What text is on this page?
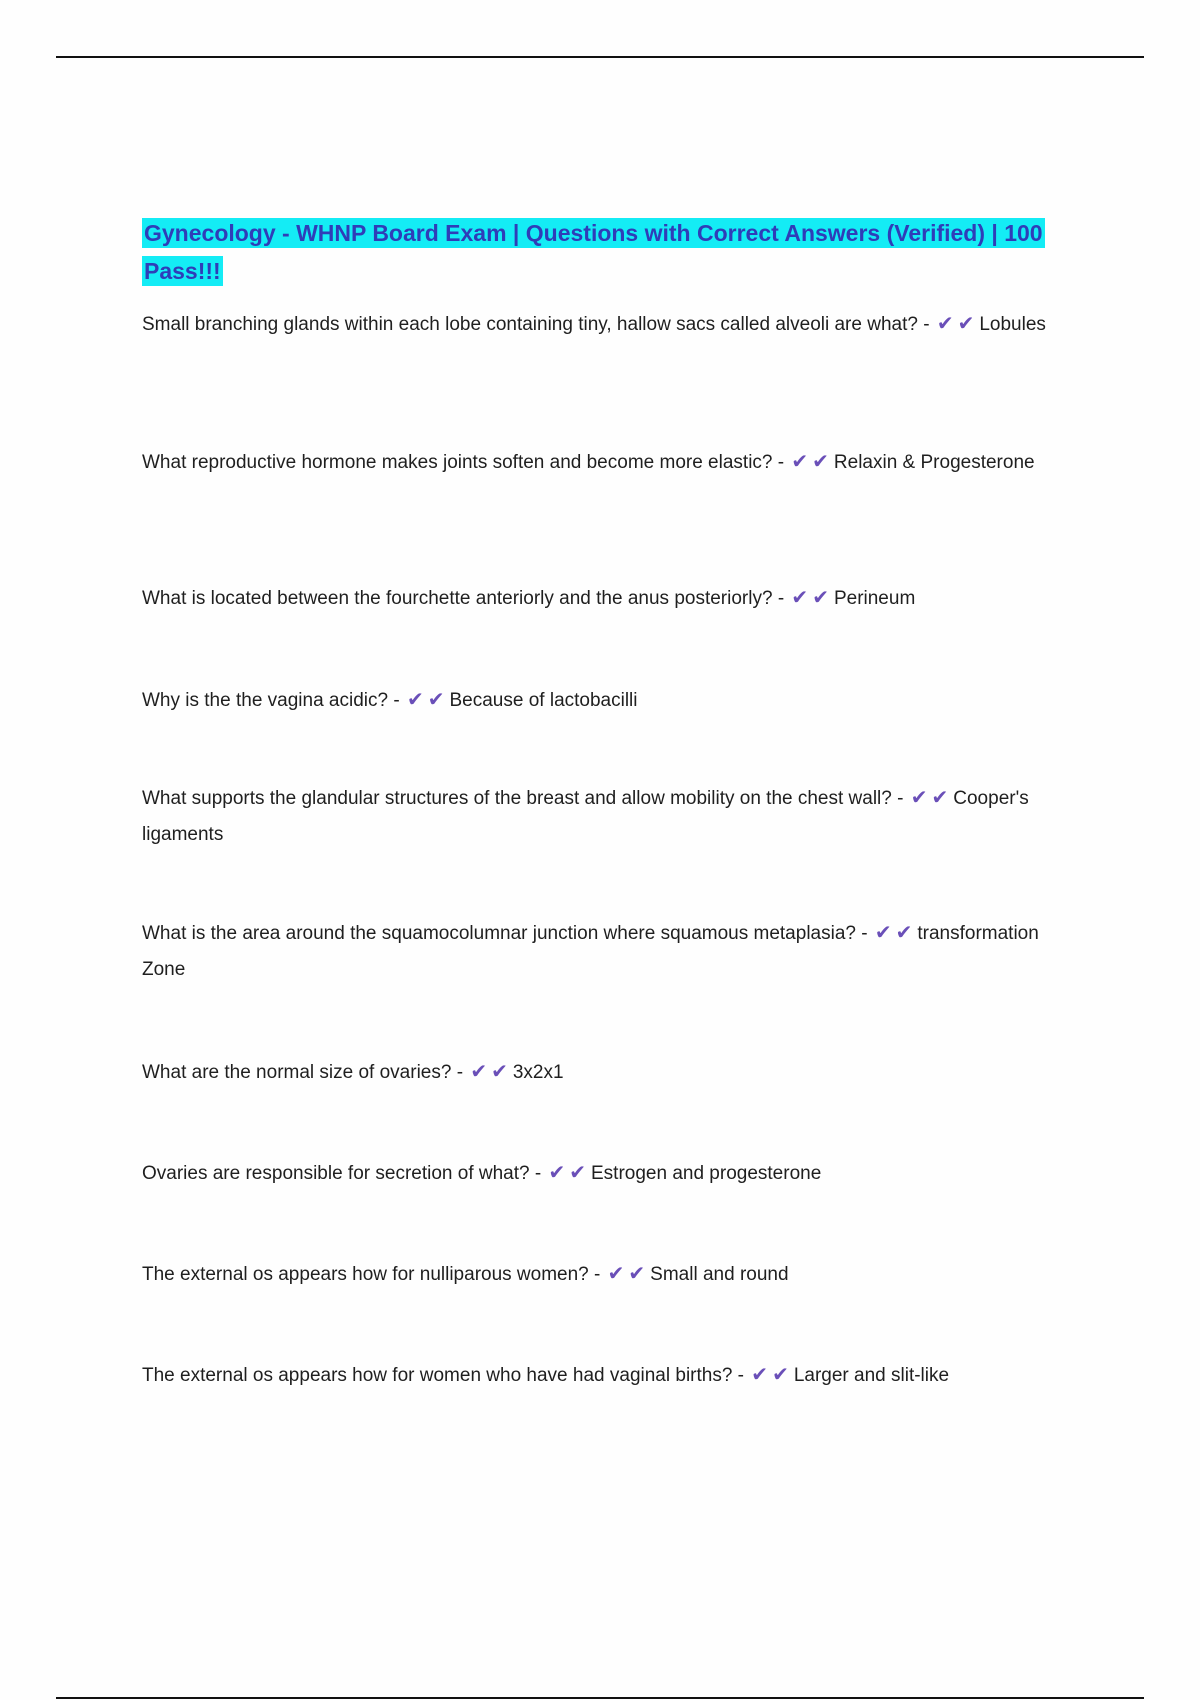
Gynecology - WHNP Board Exam | Questions with Correct Answers (Verified) | 100 Pass!!!

Small branching glands within each lobe containing tiny, hallow sacs called alveoli are what? - ✔ ✔ Lobules

What reproductive hormone makes joints soften and become more elastic? - ✔ ✔ Relaxin & Progesterone

What is located between the fourchette anteriorly and the anus posteriorly? - ✔ ✔ Perineum

Why is the the vagina acidic? - ✔ ✔ Because of lactobacilli

What supports the glandular structures of the breast and allow mobility on the chest wall? - ✔ ✔ Cooper's ligaments

What is the area around the squamocolumnar junction where squamous metaplasia? - ✔ ✔ transformation Zone

What are the normal size of ovaries? - ✔ ✔ 3x2x1

Ovaries are responsible for secretion of what? - ✔ ✔ Estrogen and progesterone

The external os appears how for nulliparous women? - ✔ ✔ Small and round

The external os appears how for women who have had vaginal births? - ✔ ✔ Larger and slit-like
